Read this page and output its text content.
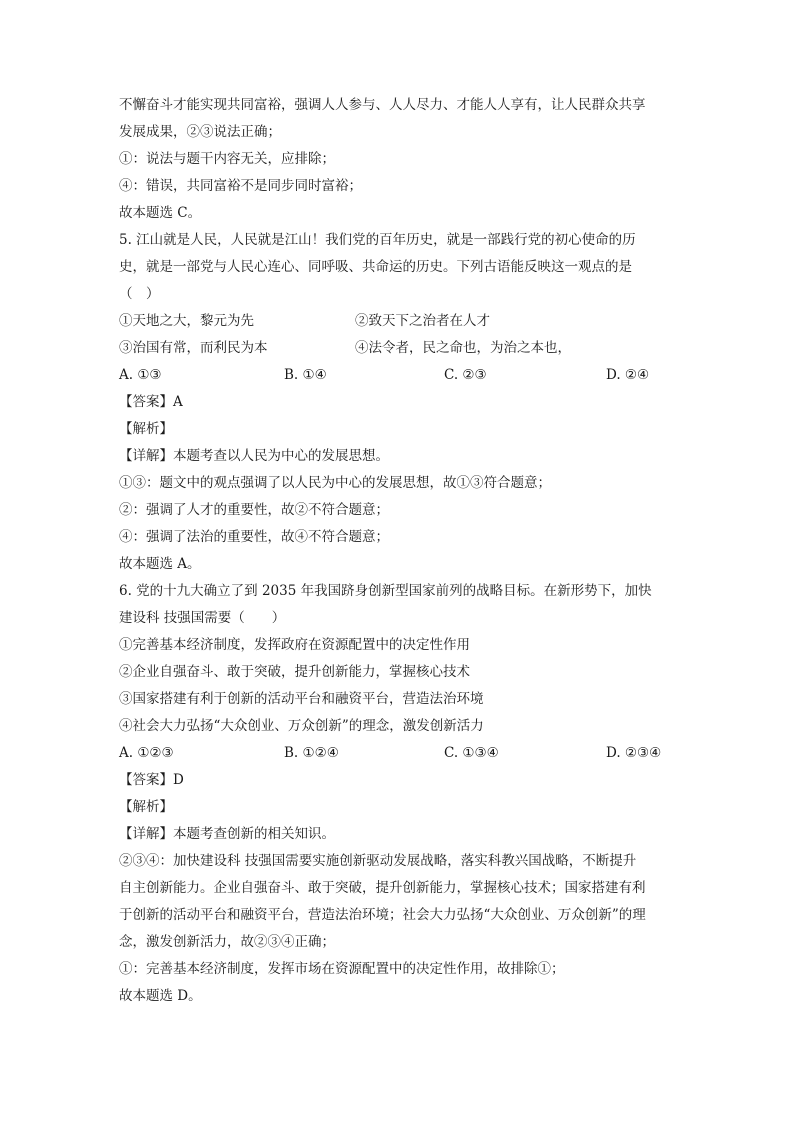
不懈奋斗才能实现共同富裕，强调人人参与、人人尽力、才能人人享有，让人民群众共享
发展成果，②③说法正确；
①：说法与题干内容无关，应排除；
④：错误，共同富裕不是同步同时富裕；
故本题选 C。
5. 江山就是人民，人民就是江山！我们党的百年历史，就是一部践行党的初心使命的历
史，就是一部党与人民心连心、同呼吸、共命运的历史。下列古语能反映这一观点的是
（　）
①天地之大，黎元为先	②致天下之治者在人才
③治国有常，而利民为本	④法令者，民之命也，为治之本也，
A. ①③	B. ①④	C. ②③	D. ②④
【答案】A
【解析】
【详解】本题考查以人民为中心的发展思想。
①③：题文中的观点强调了以人民为中心的发展思想，故①③符合题意；
②：强调了人才的重要性，故②不符合题意；
④：强调了法治的重要性，故④不符合题意；
故本题选 A。
6. 党的十九大确立了到 2035 年我国跻身创新型国家前列的战略目标。在新形势下，加快
建设科 技强国需要（　　）
①完善基本经济制度，发挥政府在资源配置中的决定性作用
②企业自强奋斗、敢于突破，提升创新能力，掌握核心技术
③国家搭建有利于创新的活动平台和融资平台，营造法治环境
④社会大力弘扬“大众创业、万众创新”的理念，激发创新活力
A. ①②③	B. ①②④	C. ①③④	D. ②③④
【答案】D
【解析】
【详解】本题考查创新的相关知识。
②③④：加快建设科 技强国需要实施创新驱动发展战略，落实科教兴国战略，不断提升
自主创新能力。企业自强奋斗、敢于突破，提升创新能力，掌握核心技术；国家搭建有利
于创新的活动平台和融资平台，营造法治环境；社会大力弘扬“大众创业、万众创新”的理
念，激发创新活力，故②③④正确；
①：完善基本经济制度，发挥市场在资源配置中的决定性作用，故排除①；
故本题选 D。
